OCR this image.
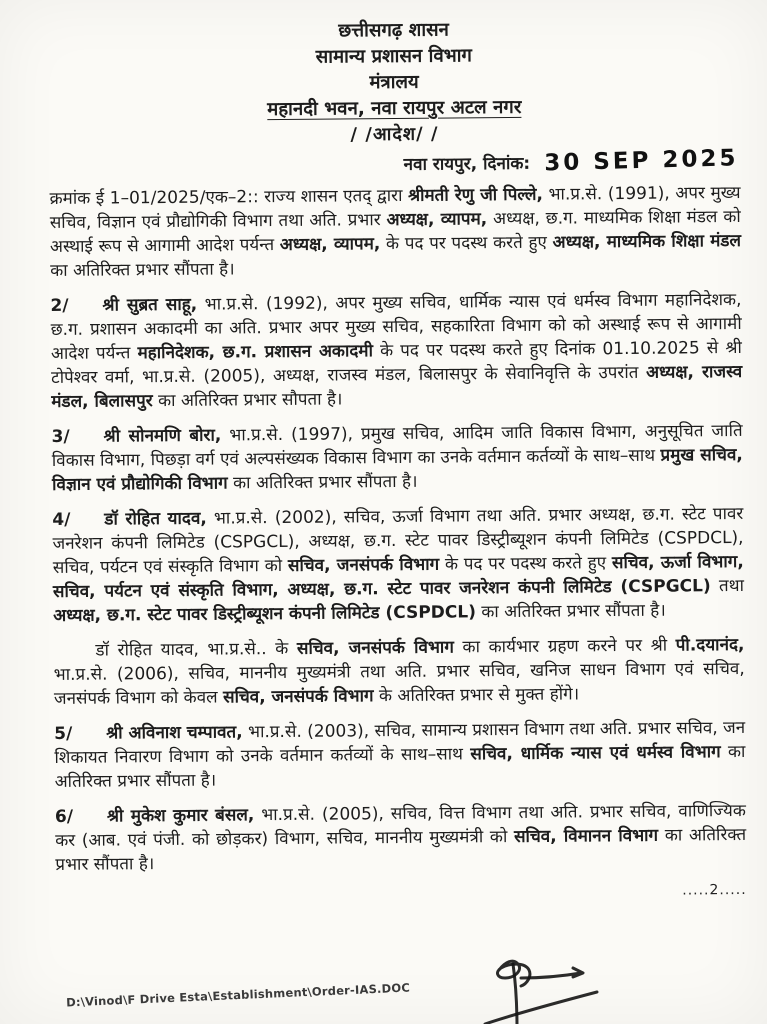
छत्तीसगढ़ शासन
सामान्य प्रशासन विभाग
मंत्रालय
महानदी भवन, नवा रायपुर अटल नगर
/ /आदेश/ /
नवा रायपुर, दिनांक: 30 SEP 2025

क्रमांक ई 1–01/2025/एक–2:: राज्य शासन एतद् द्वारा श्रीमती रेणु जी पिल्ले, भा.प्र.से. (1991), अपर मुख्य सचिव, विज्ञान एवं प्रौद्योगिकी विभाग तथा अति. प्रभार अध्यक्ष, व्यापम, अध्यक्ष, छ.ग. माध्यमिक शिक्षा मंडल को अस्थाई रूप से आगामी आदेश पर्यन्त अध्यक्ष, व्यापम, के पद पर पदस्थ करते हुए अध्यक्ष, माध्यमिक शिक्षा मंडल का अतिरिक्त प्रभार सौंपता है।

2/ श्री सुब्रत साहू, भा.प्र.से. (1992), अपर मुख्य सचिव, धार्मिक न्यास एवं धर्मस्व विभाग महानिदेशक, छ.ग. प्रशासन अकादमी का अति. प्रभार अपर मुख्य सचिव, सहकारिता विभाग को को अस्थाई रूप से आगामी आदेश पर्यन्त महानिदेशक, छ.ग. प्रशासन अकादमी के पद पर पदस्थ करते हुए दिनांक 01.10.2025 से श्री टोपेश्वर वर्मा, भा.प्र.से. (2005), अध्यक्ष, राजस्व मंडल, बिलासपुर के सेवानिवृत्ति के उपरांत अध्यक्ष, राजस्व मंडल, बिलासपुर का अतिरिक्त प्रभार सौपता है।

3/ श्री सोनमणि बोरा, भा.प्र.से. (1997), प्रमुख सचिव, आदिम जाति विकास विभाग, अनुसूचित जाति विकास विभाग, पिछड़ा वर्ग एवं अल्पसंख्यक विकास विभाग का उनके वर्तमान कर्तव्यों के साथ–साथ प्रमुख सचिव, विज्ञान एवं प्रौद्योगिकी विभाग का अतिरिक्त प्रभार सौंपता है।

4/ डॉ रोहित यादव, भा.प्र.से. (2002), सचिव, ऊर्जा विभाग तथा अति. प्रभार अध्यक्ष, छ.ग. स्टेट पावर जनरेशन कंपनी लिमिटेड (CSPGCL), अध्यक्ष, छ.ग. स्टेट पावर डिस्ट्रीब्यूशन कंपनी लिमिटेड (CSPDCL), सचिव, पर्यटन एवं संस्कृति विभाग को सचिव, जनसंपर्क विभाग के पद पर पदस्थ करते हुए सचिव, ऊर्जा विभाग, सचिव, पर्यटन एवं संस्कृति विभाग, अध्यक्ष, छ.ग. स्टेट पावर जनरेशन कंपनी लिमिटेड (CSPGCL) तथा अध्यक्ष, छ.ग. स्टेट पावर डिस्ट्रीब्यूशन कंपनी लिमिटेड (CSPDCL) का अतिरिक्त प्रभार सौंपता है।

डॉ रोहित यादव, भा.प्र.से.. के सचिव, जनसंपर्क विभाग का कार्यभार ग्रहण करने पर श्री पी.दयानंद, भा.प्र.से. (2006), सचिव, माननीय मुख्यमंत्री तथा अति. प्रभार सचिव, खनिज साधन विभाग एवं सचिव, जनसंपर्क विभाग को केवल सचिव, जनसंपर्क विभाग के अतिरिक्त प्रभार से मुक्त होंगे।

5/ श्री अविनाश चम्पावत, भा.प्र.से. (2003), सचिव, सामान्य प्रशासन विभाग तथा अति. प्रभार सचिव, जन शिकायत निवारण विभाग को उनके वर्तमान कर्तव्यों के साथ–साथ सचिव, धार्मिक न्यास एवं धर्मस्व विभाग का अतिरिक्त प्रभार सौंपता है।

6/ श्री मुकेश कुमार बंसल, भा.प्र.से. (2005), सचिव, वित्त विभाग तथा अति. प्रभार सचिव, वाणिज्यिक कर (आब. एवं पंजी. को छोड़कर) विभाग, सचिव, माननीय मुख्यमंत्री को सचिव, विमानन विभाग का अतिरिक्त प्रभार सौंपता है।

.....2.....
D:\Vinod\F Drive Esta\Establishment\Order-IAS.DOC
